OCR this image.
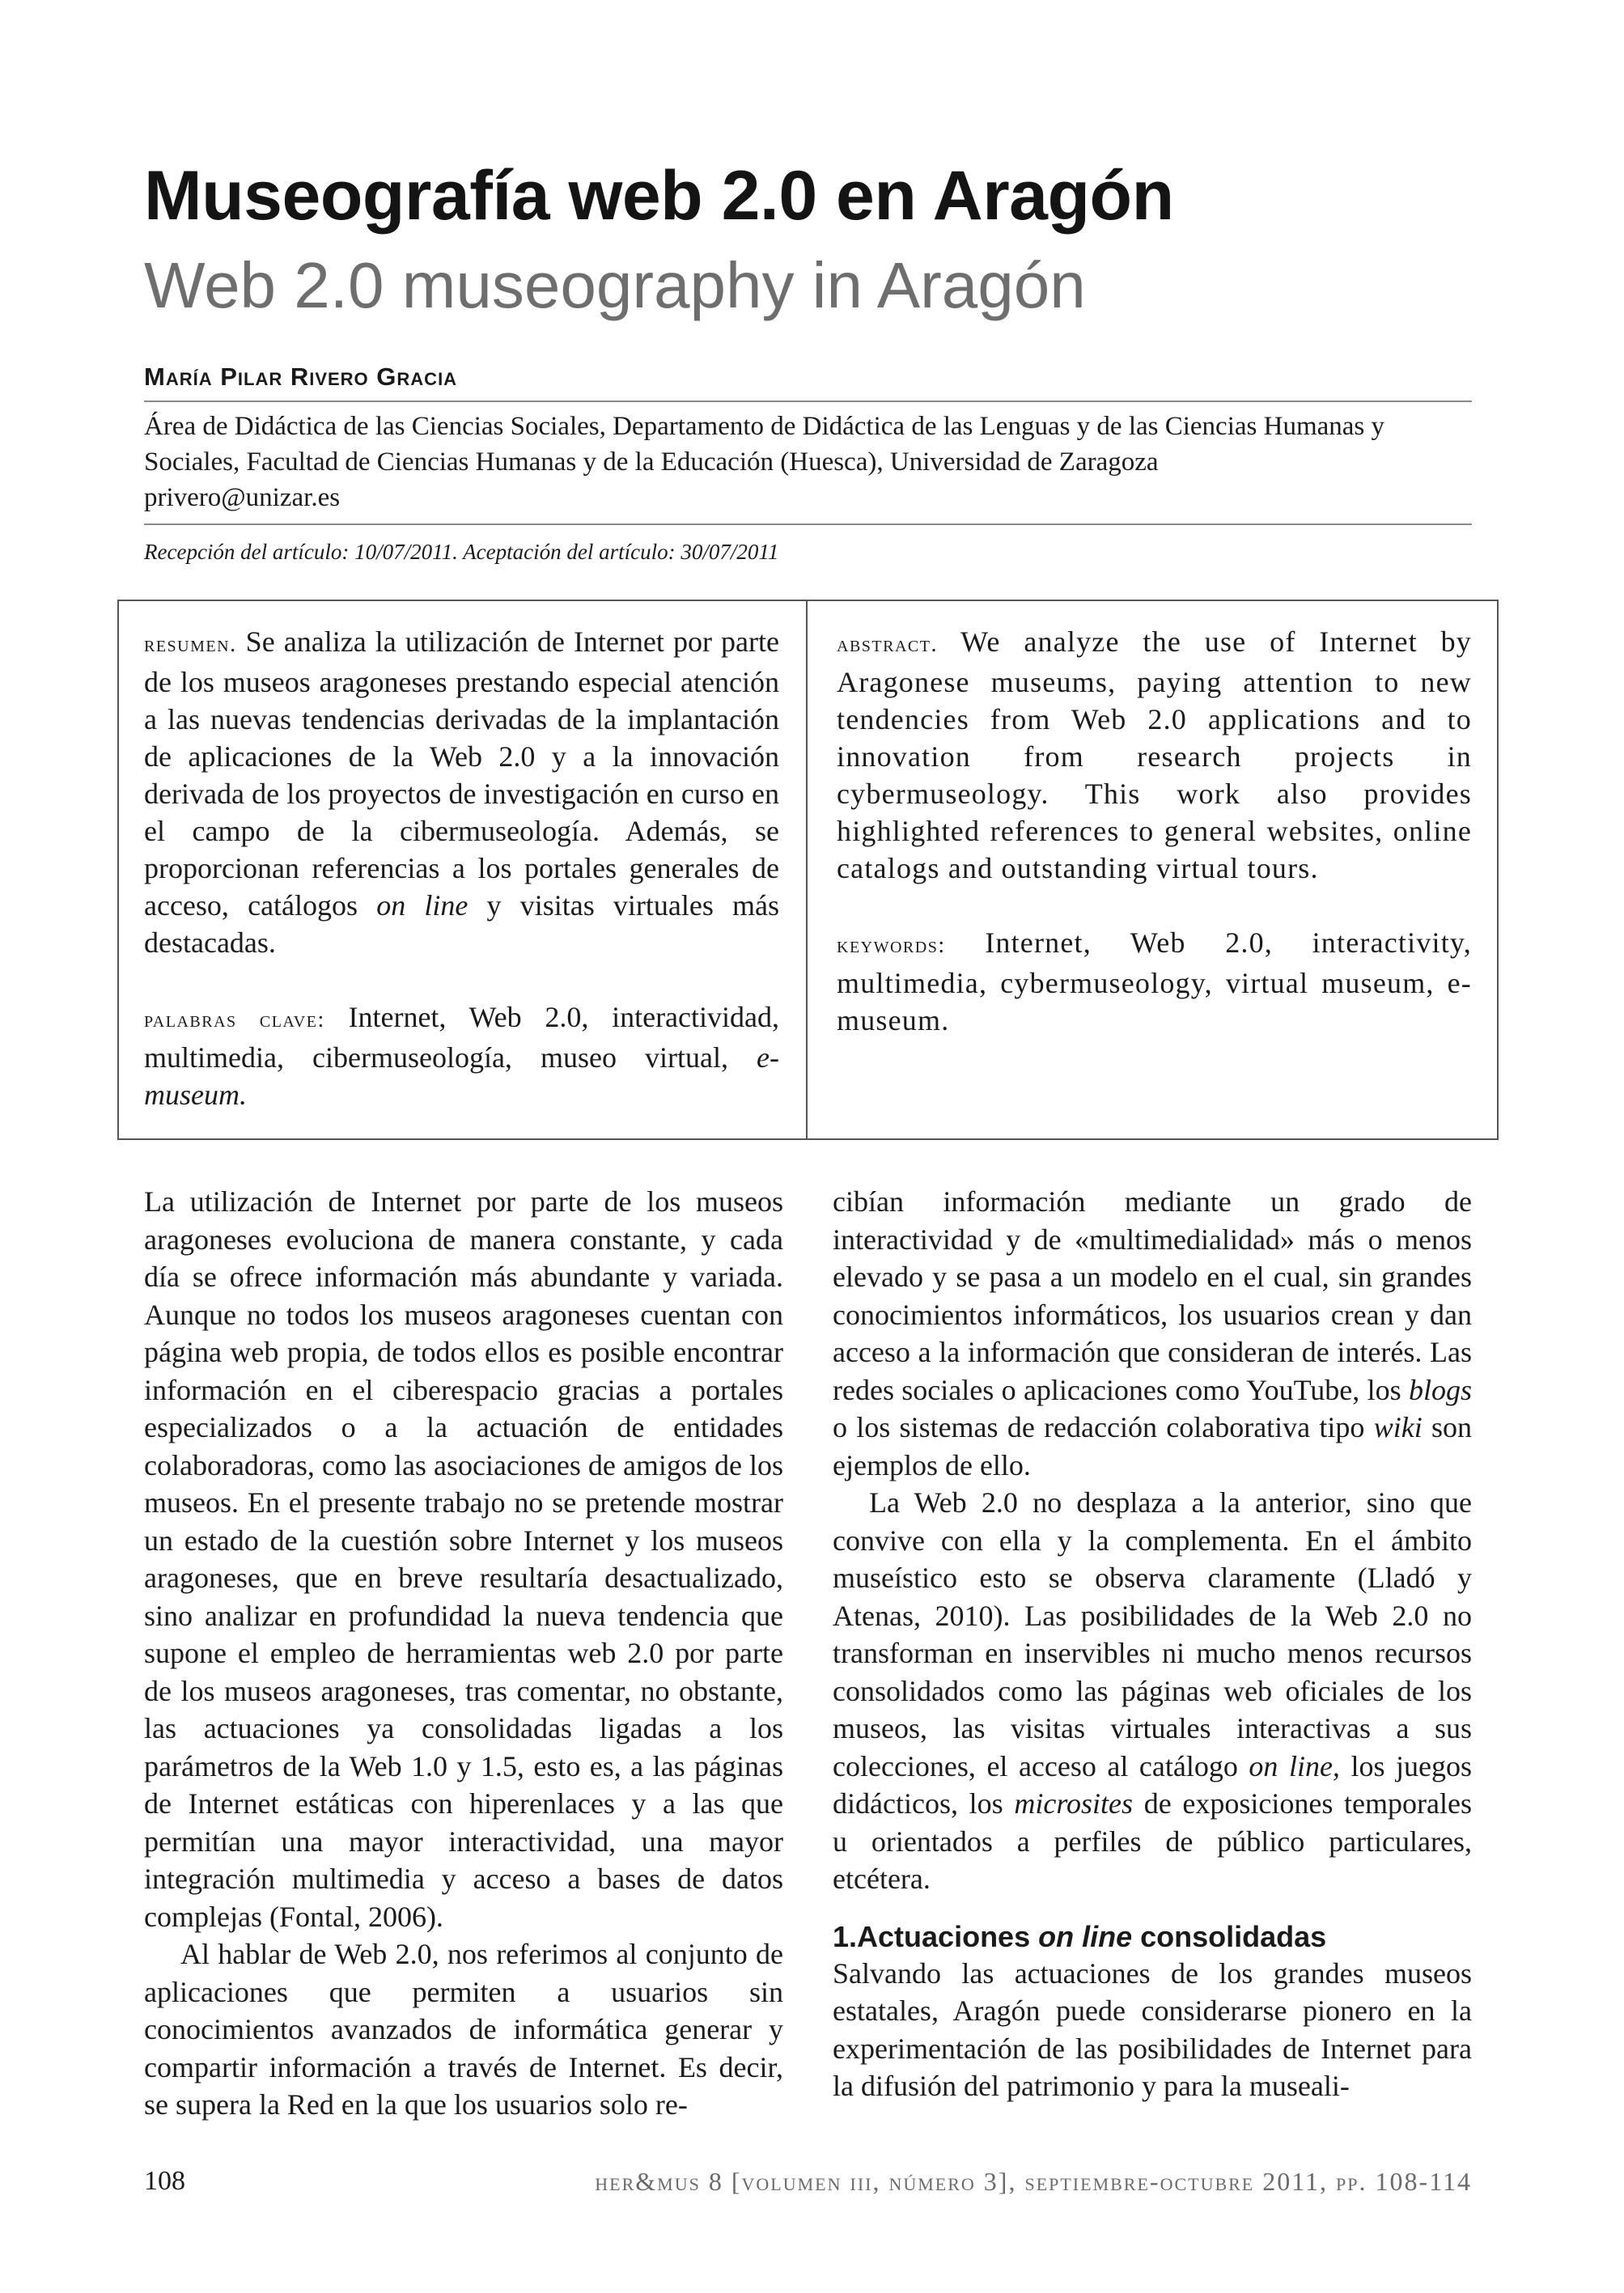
Museografía web 2.0 en Aragón
Web 2.0 museography in Aragón
María Pilar Rivero Gracia
Área de Didáctica de las Ciencias Sociales, Departamento de Didáctica de las Lenguas y de las Ciencias Humanas y
Sociales, Facultad de Ciencias Humanas y de la Educación (Huesca), Universidad de Zaragoza
privero@unizar.es
Recepción del artículo: 10/07/2011. Aceptación del artículo: 30/07/2011

resumen. Se analiza la utilización de Internet por parte de los museos aragoneses prestando especial atención a las nuevas tendencias derivadas de la implantación de aplicaciones de la Web 2.0 y a la innovación derivada de los proyectos de investigación en curso en el campo de la cibermuseología. Además, se proporcionan referencias a los portales generales de acceso, catálogos on line y visitas virtuales más destacadas.

palabras clave: Internet, Web 2.0, interactividad, multimedia, cibermuseología, museo virtual, e-museum.

abstract. We analyze the use of Internet by Aragonese museums, paying attention to new tendencies from Web 2.0 applications and to innovation from research projects in cybermuseology. This work also provides highlighted references to general websites, online catalogs and outstanding virtual tours.

keywords: Internet, Web 2.0, interactivity, multimedia, cybermuseology, virtual museum, e-museum.

La utilización de Internet por parte de los museos aragoneses evoluciona de manera constante, y cada día se ofrece información más abundante y variada. Aunque no todos los museos aragoneses cuentan con página web propia, de todos ellos es posible encontrar información en el ciberespacio gracias a portales especializados o a la actuación de entidades colaboradoras, como las asociaciones de amigos de los museos. En el presente trabajo no se pretende mostrar un estado de la cuestión sobre Internet y los museos aragoneses, que en breve resultaría desactualizado, sino analizar en profundidad la nueva tendencia que supone el empleo de herramientas web 2.0 por parte de los museos aragoneses, tras comentar, no obstante, las actuaciones ya consolidadas ligadas a los parámetros de la Web 1.0 y 1.5, esto es, a las páginas de Internet estáticas con hiperenlaces y a las que permitían una mayor interactividad, una mayor integración multimedia y acceso a bases de datos complejas (Fontal, 2006).

Al hablar de Web 2.0, nos referimos al conjunto de aplicaciones que permiten a usuarios sin conocimientos avanzados de informática generar y compartir información a través de Internet. Es decir, se supera la Red en la que los usuarios solo re-

cibían información mediante un grado de interactividad y de «multimedialidad» más o menos elevado y se pasa a un modelo en el cual, sin grandes conocimientos informáticos, los usuarios crean y dan acceso a la información que consideran de interés. Las redes sociales o aplicaciones como YouTube, los blogs o los sistemas de redacción colaborativa tipo wiki son ejemplos de ello.

La Web 2.0 no desplaza a la anterior, sino que convive con ella y la complementa. En el ámbito museístico esto se observa claramente (Lladó y Atenas, 2010). Las posibilidades de la Web 2.0 no transforman en inservibles ni mucho menos recursos consolidados como las páginas web oficiales de los museos, las visitas virtuales interactivas a sus colecciones, el acceso al catálogo on line, los juegos didácticos, los microsites de exposiciones temporales u orientados a perfiles de público particulares, etcétera.

1.Actuaciones on line consolidadas

Salvando las actuaciones de los grandes museos estatales, Aragón puede considerarse pionero en la experimentación de las posibilidades de Internet para la difusión del patrimonio y para la museali-

108	her&mus 8 [volumen iii, número 3], septiembre-octubre 2011, pp. 108-114
